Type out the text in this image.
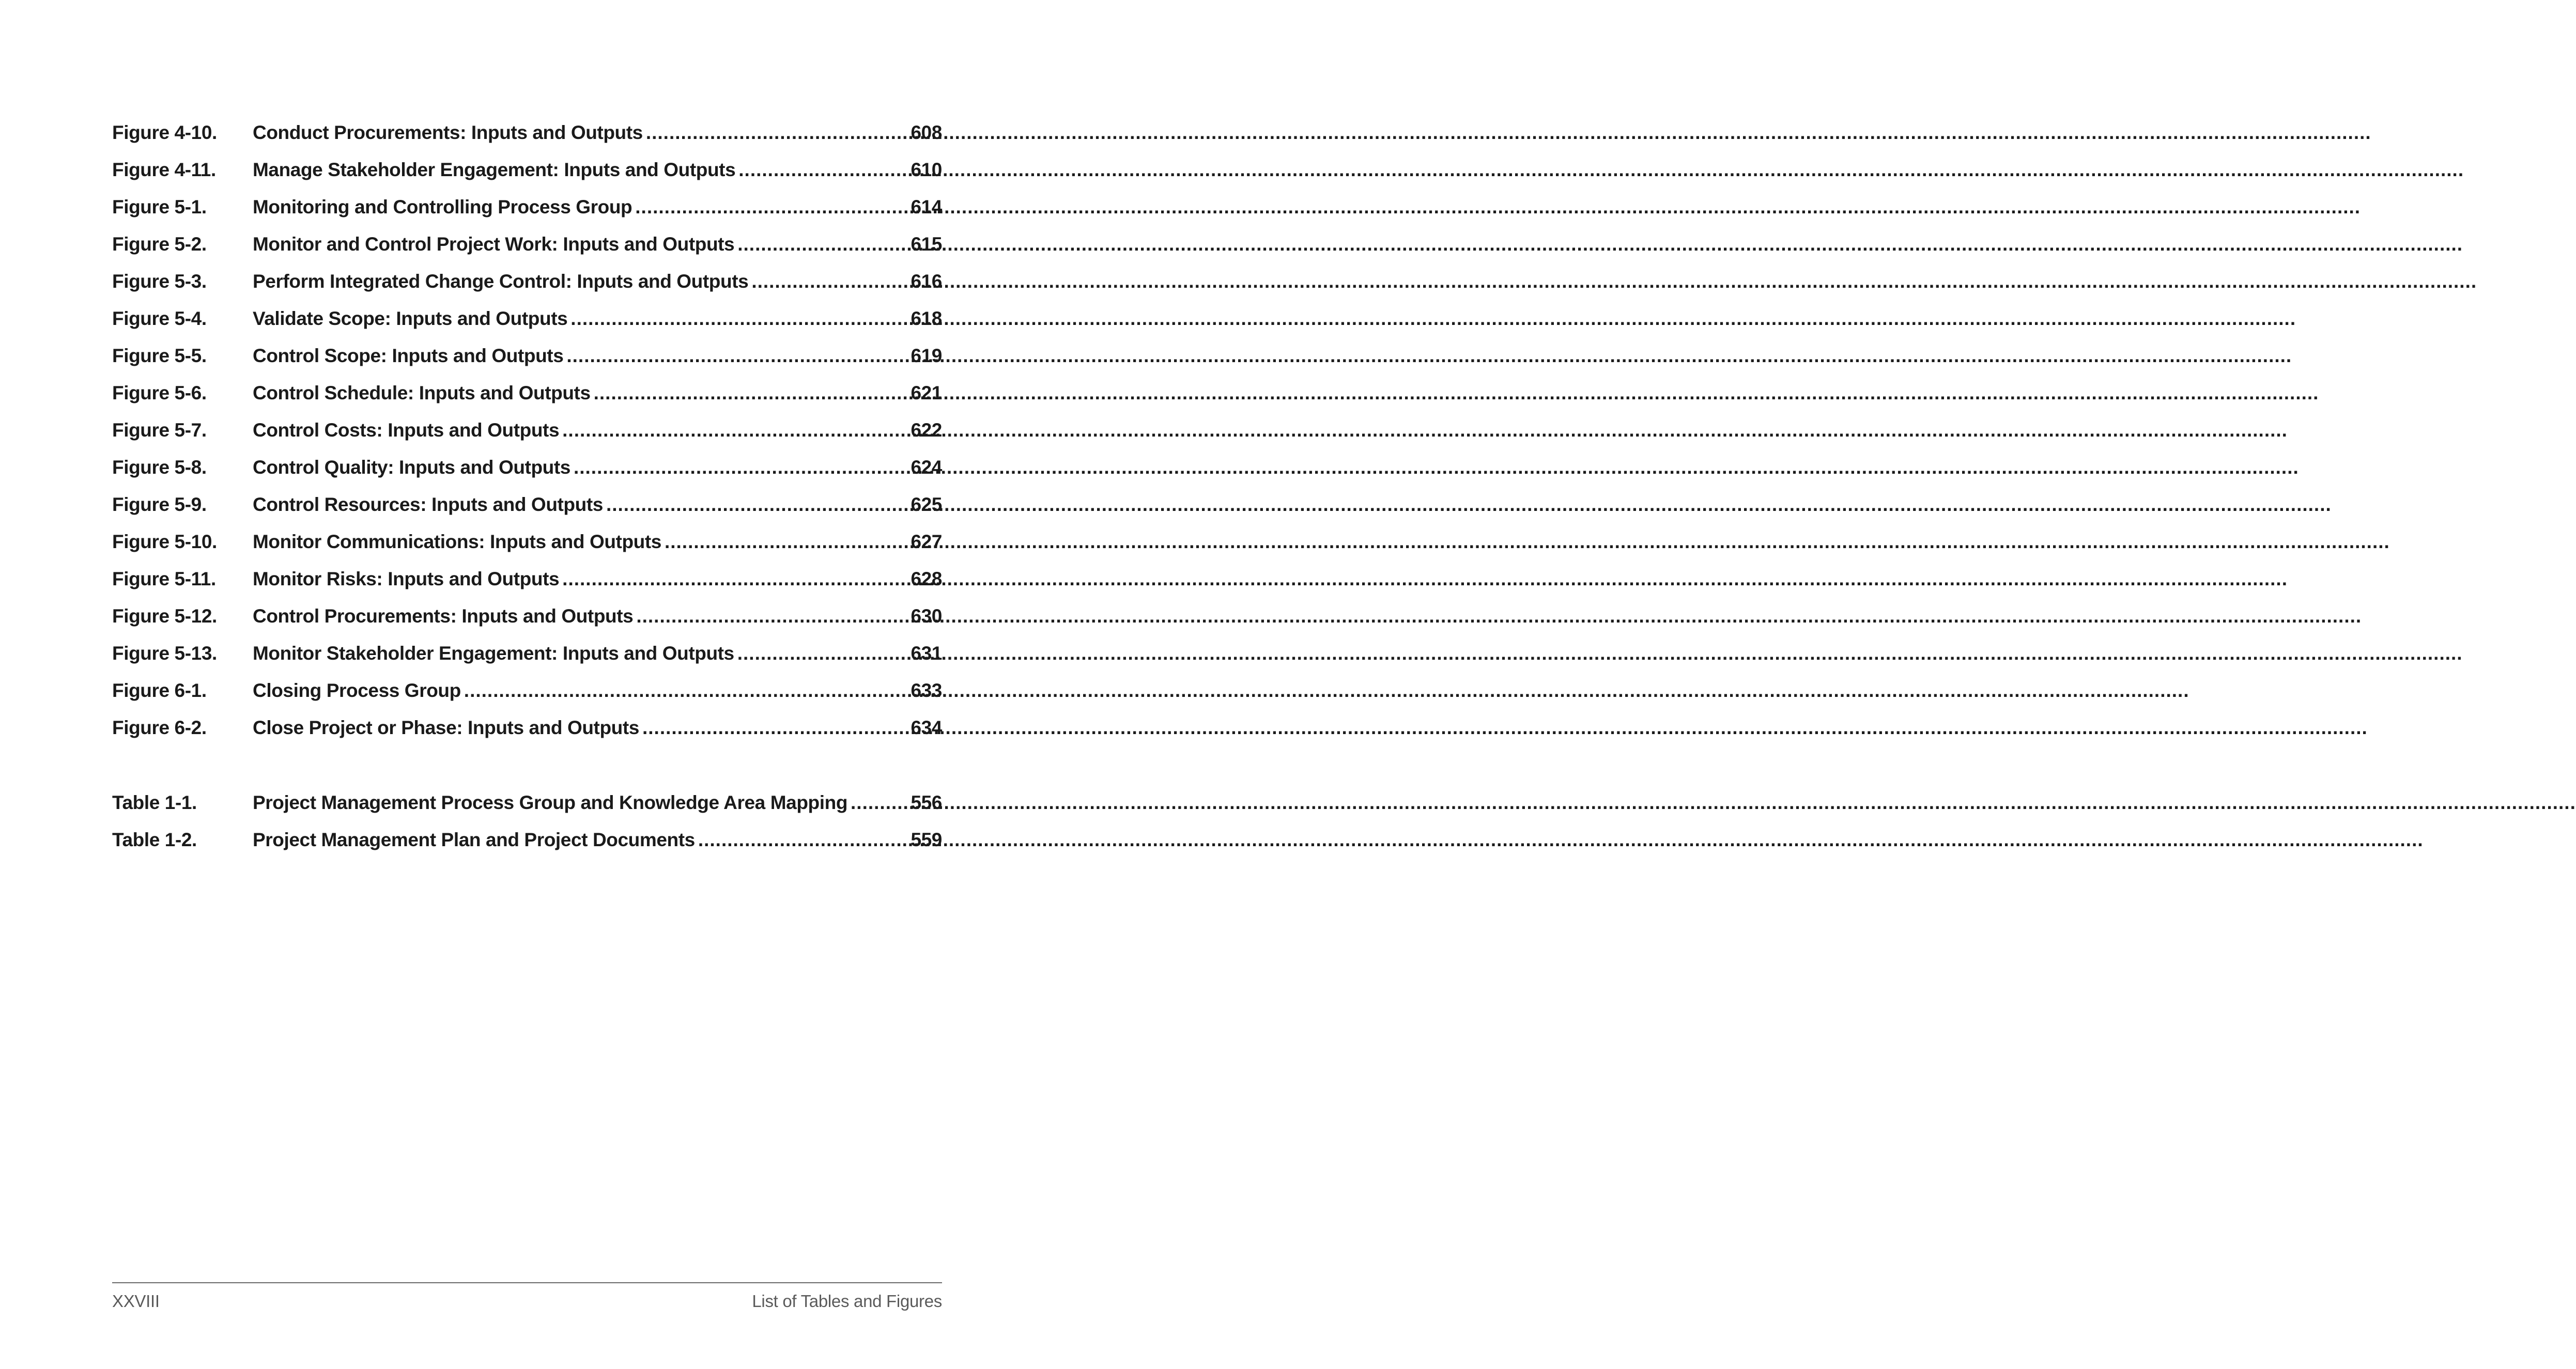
Figure 4-10.	Conduct Procurements: Inputs and Outputs .....	608
Figure 4-11.	Manage Stakeholder Engagement: Inputs and Outputs .....	610
Figure 5-1.	Monitoring and Controlling Process Group .....	614
Figure 5-2.	Monitor and Control Project Work: Inputs and Outputs .....	615
Figure 5-3.	Perform Integrated Change Control: Inputs and Outputs .....	616
Figure 5-4.	Validate Scope: Inputs and Outputs .....	618
Figure 5-5.	Control Scope: Inputs and Outputs .....	619
Figure 5-6.	Control Schedule: Inputs and Outputs .....	621
Figure 5-7.	Control Costs: Inputs and Outputs .....	622
Figure 5-8.	Control Quality: Inputs and Outputs .....	624
Figure 5-9.	Control Resources: Inputs and Outputs .....	625
Figure 5-10.	Monitor Communications: Inputs and Outputs .....	627
Figure 5-11.	Monitor Risks: Inputs and Outputs .....	628
Figure 5-12.	Control Procurements: Inputs and Outputs .....	630
Figure 5-13.	Monitor Stakeholder Engagement: Inputs and Outputs .....	631
Figure 6-1.	Closing Process Group .....	633
Figure 6-2.	Close Project or Phase: Inputs and Outputs .....	634
Table 1-1.	Project Management Process Group and Knowledge Area Mapping .....	556
Table 1-2.	Project Management Plan and Project Documents .....	559
XXVIII	List of Tables and Figures
